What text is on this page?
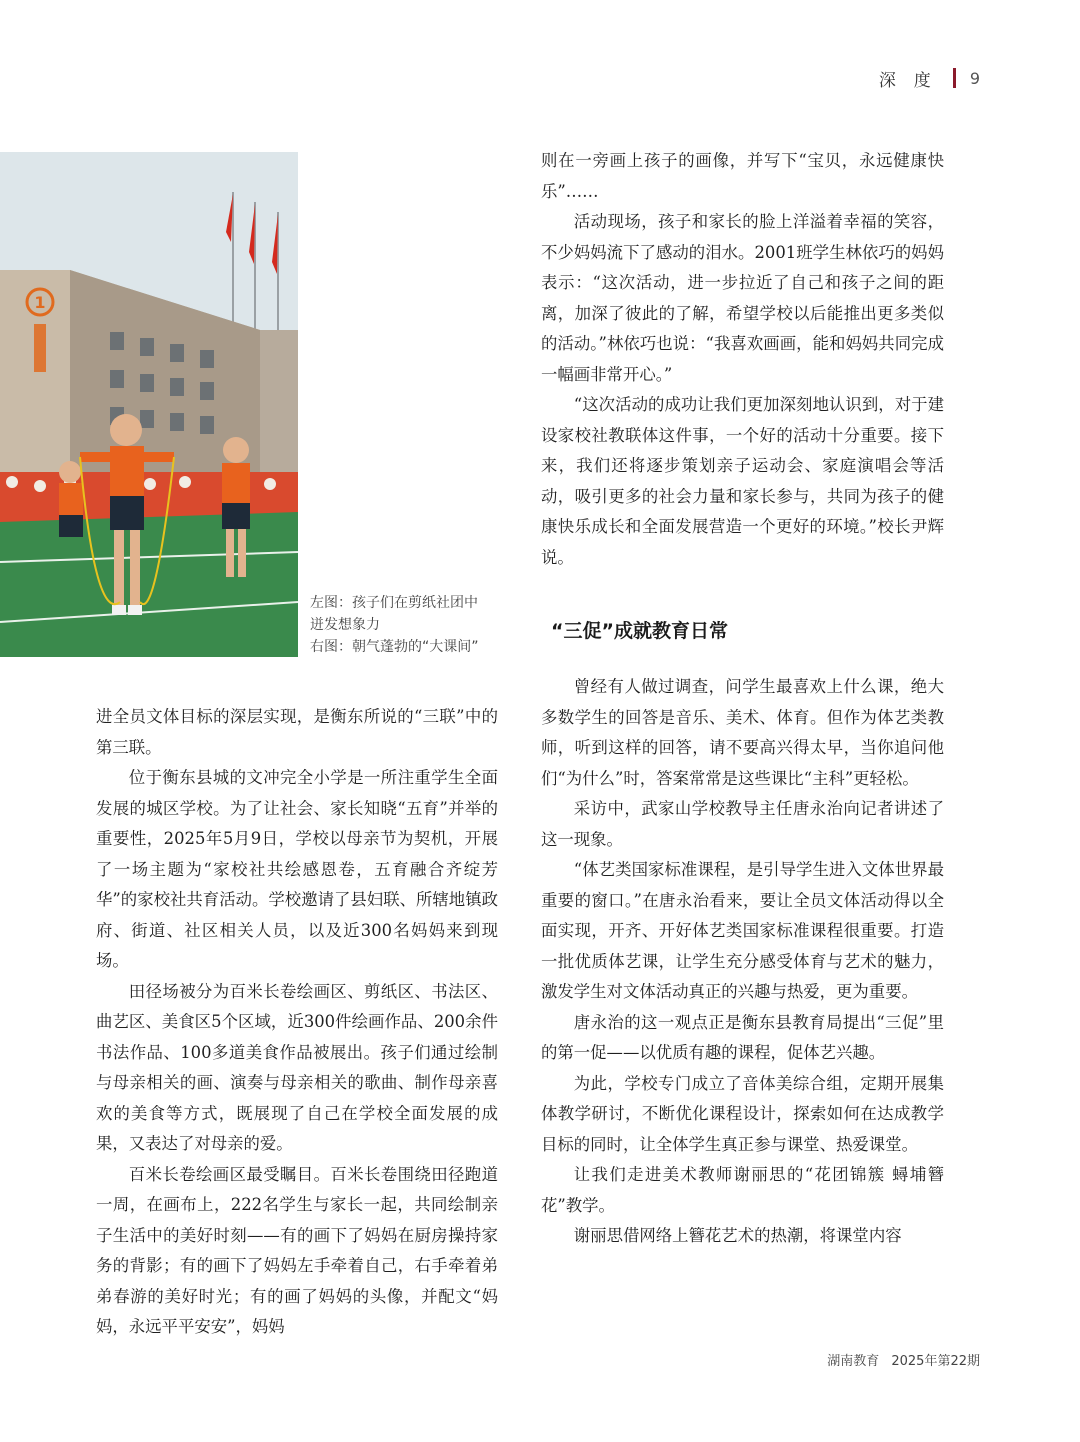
深度 9
1
左图：孩子们在剪纸社团中
迸发想象力
右图：朝气蓬勃的“大课间”

进全员文体目标的深层实现，是衡东所说的“三联”中的第三联。

位于衡东县城的文冲完全小学是一所注重学生全面发展的城区学校。为了让社会、家长知晓“五育”并举的重要性，2025年5月9日，学校以母亲节为契机，开展了一场主题为“家校社共绘感恩卷，五育融合齐绽芳华”的家校社共育活动。学校邀请了县妇联、所辖地镇政府、街道、社区相关人员，以及近300名妈妈来到现场。

田径场被分为百米长卷绘画区、剪纸区、书法区、曲艺区、美食区5个区域，近300件绘画作品、200余件书法作品、100多道美食作品被展出。孩子们通过绘制与母亲相关的画、演奏与母亲相关的歌曲、制作母亲喜欢的美食等方式，既展现了自己在学校全面发展的成果，又表达了对母亲的爱。

百米长卷绘画区最受瞩目。百米长卷围绕田径跑道一周，在画布上，222名学生与家长一起，共同绘制亲子生活中的美好时刻——有的画下了妈妈在厨房操持家务的背影；有的画下了妈妈左手牵着自己，右手牵着弟弟春游的美好时光；有的画了妈妈的头像，并配文“妈妈，永远平平安安”，妈妈

则在一旁画上孩子的画像，并写下“宝贝，永远健康快乐”……

活动现场，孩子和家长的脸上洋溢着幸福的笑容，不少妈妈流下了感动的泪水。2001班学生林依巧的妈妈表示：“这次活动，进一步拉近了自己和孩子之间的距离，加深了彼此的了解，希望学校以后能推出更多类似的活动。”林依巧也说：“我喜欢画画，能和妈妈共同完成一幅画非常开心。”

“这次活动的成功让我们更加深刻地认识到，对于建设家校社教联体这件事，一个好的活动十分重要。接下来，我们还将逐步策划亲子运动会、家庭演唱会等活动，吸引更多的社会力量和家长参与，共同为孩子的健康快乐成长和全面发展营造一个更好的环境。”校长尹辉说。

“三促”成就教育日常

曾经有人做过调查，问学生最喜欢上什么课，绝大多数学生的回答是音乐、美术、体育。但作为体艺类教师，听到这样的回答，请不要高兴得太早，当你追问他们“为什么”时，答案常常是这些课比“主科”更轻松。

采访中，武家山学校教导主任唐永治向记者讲述了这一现象。

“体艺类国家标准课程，是引导学生进入文体世界最重要的窗口。”在唐永治看来，要让全员文体活动得以全面实现，开齐、开好体艺类国家标准课程很重要。打造一批优质体艺课，让学生充分感受体育与艺术的魅力，激发学生对文体活动真正的兴趣与热爱，更为重要。

唐永治的这一观点正是衡东县教育局提出“三促”里的第一促——以优质有趣的课程，促体艺兴趣。

为此，学校专门成立了音体美综合组，定期开展集体教学研讨，不断优化课程设计，探索如何在达成教学目标的同时，让全体学生真正参与课堂、热爱课堂。

让我们走进美术教师谢丽思的“花团锦簇 蟳埔簪花”教学。

谢丽思借网络上簪花艺术的热潮，将课堂内容

湖南教育 2025年第22期
